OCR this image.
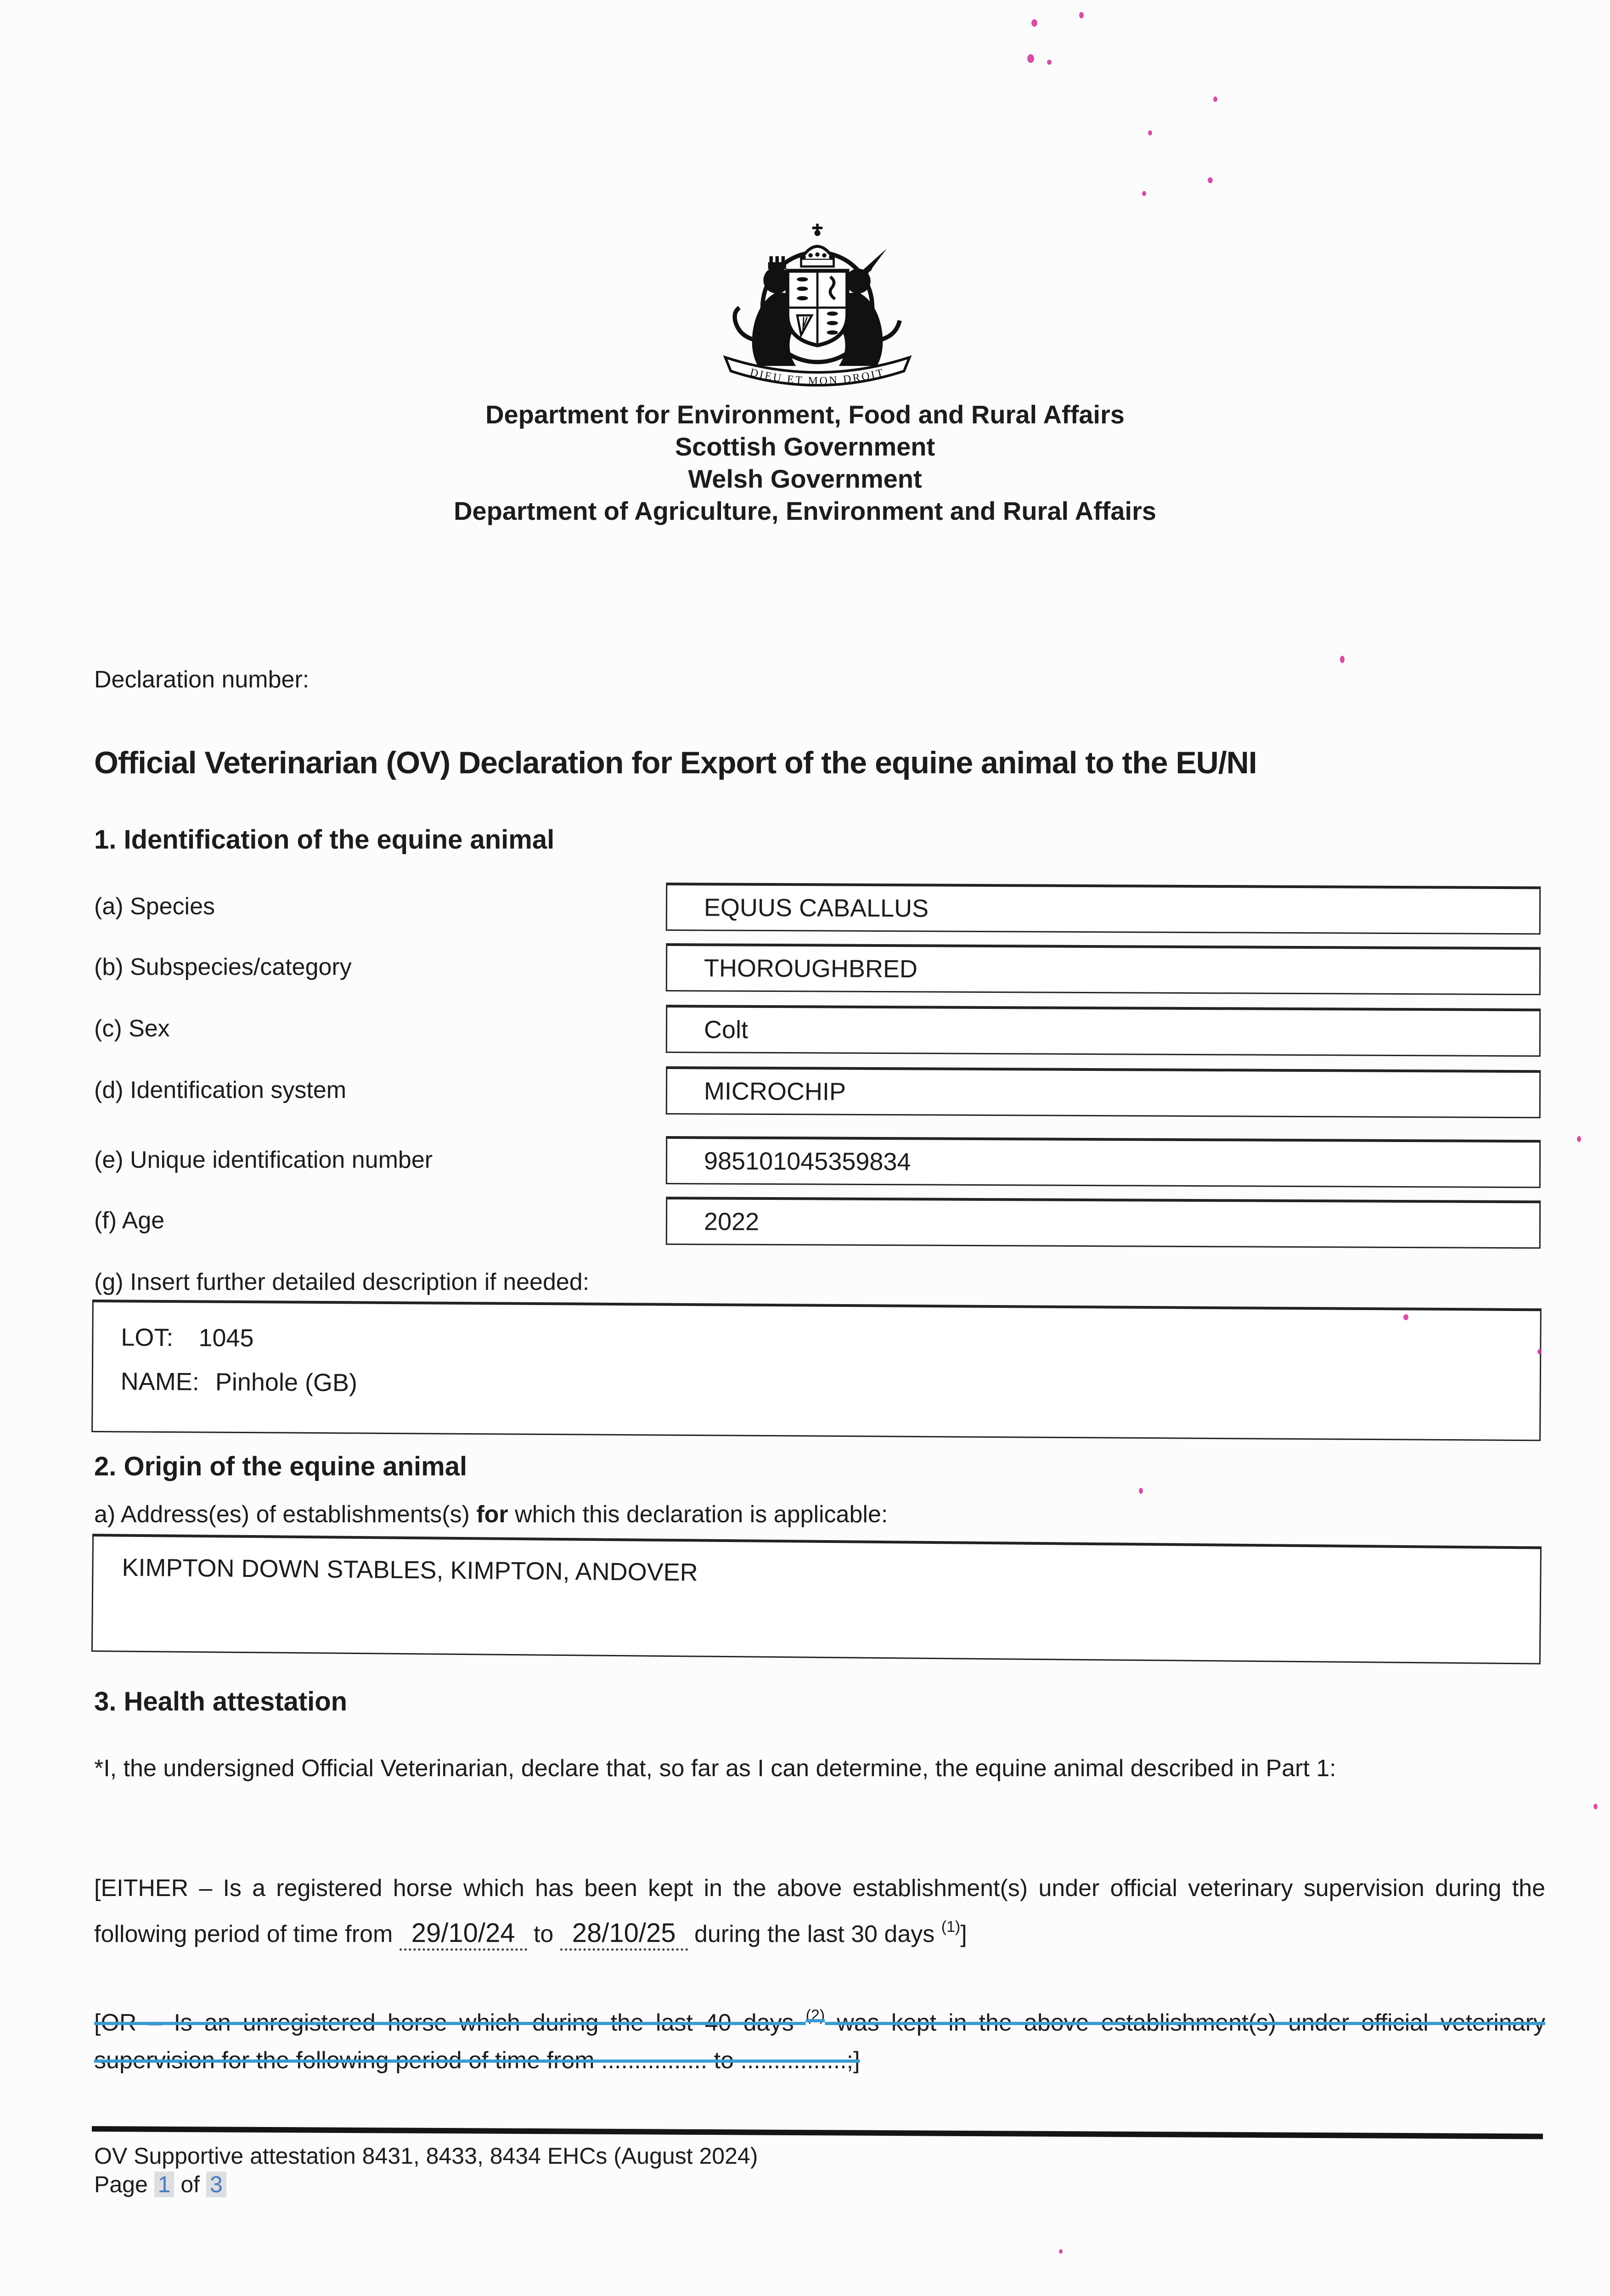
DIEU ET MON DROIT
Department for Environment, Food and Rural Affairs
Scottish Government
Welsh Government
Department of Agriculture, Environment and Rural Affairs
Declaration number:
Official Veterinarian (OV) Declaration for Export of the equine animal to the EU/NI
1. Identification of the equine animal
(a) Species	EQUUS CABALLUS
(b) Subspecies/category	THOROUGHBRED
(c) Sex	Colt
(d) Identification system	MICROCHIP
(e) Unique identification number	985101045359834
(f) Age	2022
(g) Insert further detailed description if needed:
LOT: 1045
NAME: Pinhole (GB)
2. Origin of the equine animal
a) Address(es) of establishments(s) for which this declaration is applicable:
KIMPTON DOWN STABLES, KIMPTON, ANDOVER
3. Health attestation

*I, the undersigned Official Veterinarian, declare that, so far as I can determine, the equine animal described in Part 1:

[EITHER – Is a registered horse which has been kept in the above establishment(s) under official veterinary supervision during the following period of time from 29/10/24 to 28/10/25 during the last 30 days $^{(1)}$]

[OR – Is an unregistered horse which during the last 40 days $^{(2)}$ was kept in the above establishment(s) under official veterinary supervision for the following period of time from ................ to ................;]

OV Supportive attestation 8431, 8433, 8434 EHCs (August 2024)
Page 1 of 3
